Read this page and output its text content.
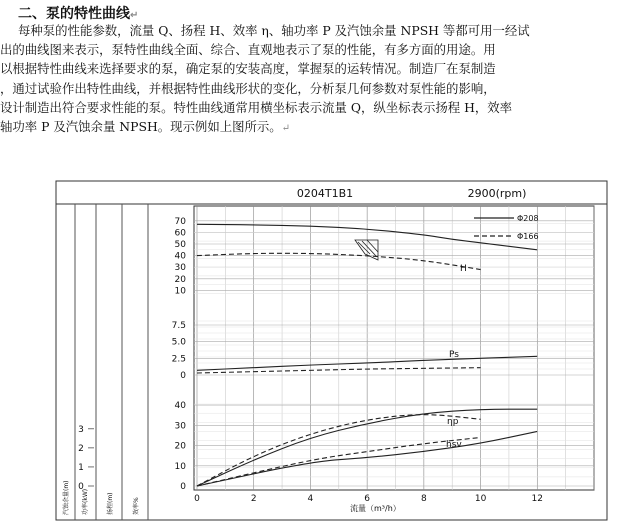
二、泵的特性曲线↵
每种泵的性能参数，流量 Q、扬程 H、效率 η、轴功率 P 及汽蚀余量 NPSH 等都可用一经试
出的曲线图来表示，泵特性曲线全面、综合、直观地表示了泵的性能，有多方面的用途。用
以根据特性曲线来选择要求的泵，确定泵的安装高度，掌握泵的运转情况。制造厂在泵制造
，通过试验作出特性曲线，并根据特性曲线形状的变化，分析泵几何参数对泵性能的影响，
设计制造出符合要求性能的泵。特性曲线通常用横坐标表示流量 Q，纵坐标表示扬程 H，效率
轴功率 P 及汽蚀余量 NPSH。现示例如上图所示。↵
0204T1B1	2900(rpm)
汽蚀余量(m) 功率(kW)	扬程(m)	效率%	0	2	4	6	8	10	12
70
60
50
40
30
20
10
7.5
5.0
2.5
0
40
30
20
10
0
3
2
1
0
Φ208
Φ166
H
Ps
ηp
hsv
流量（m³/h）
